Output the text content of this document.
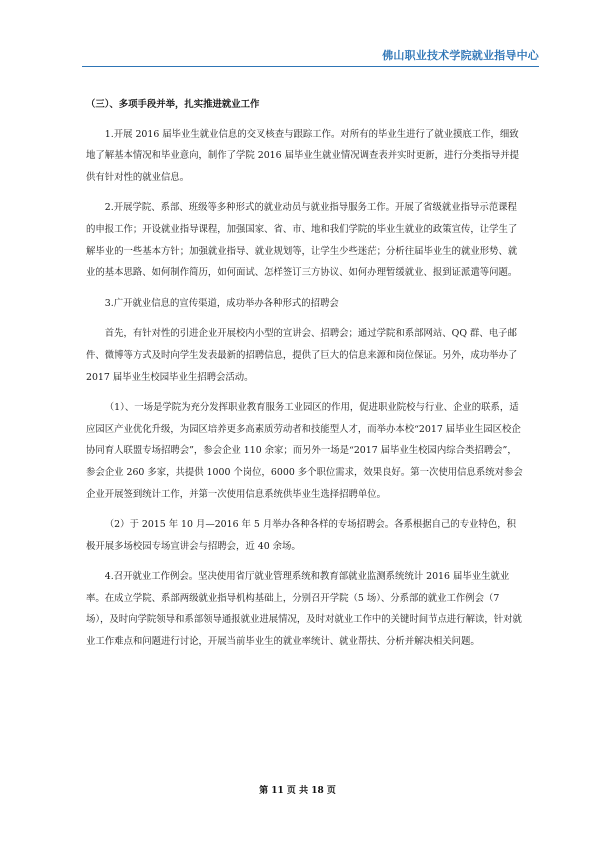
佛山职业技术学院就业指导中心

（三）、多项手段并举，扎实推进就业工作

1.开展 2016 届毕业生就业信息的交叉核查与跟踪工作。对所有的毕业生进行了就业摸底工作，细致地了解基本情况和毕业意向，制作了学院 2016 届毕业生就业情况调查表并实时更新，进行分类指导并提供有针对性的就业信息。

2.开展学院、系部、班级等多种形式的就业动员与就业指导服务工作。开展了省级就业指导示范课程的申报工作；开设就业指导课程，加强国家、省、市、地和我们学院的毕业生就业的政策宣传，让学生了解毕业的一些基本方针；加强就业指导、就业规划等，让学生少些迷茫；分析往届毕业生的就业形势、就业的基本思路、如何制作简历，如何面试、怎样签订三方协议、如何办理暂缓就业、报到证派遣等问题。

3.广开就业信息的宣传渠道，成功举办各种形式的招聘会

首先，有针对性的引进企业开展校内小型的宣讲会、招聘会；通过学院和系部网站、QQ 群、电子邮件、微博等方式及时向学生发表最新的招聘信息，提供了巨大的信息来源和岗位保证。另外，成功举办了 2017 届毕业生校园毕业生招聘会活动。

（1）、一场是学院为充分发挥职业教育服务工业园区的作用，促进职业院校与行业、企业的联系，适应园区产业优化升级，为园区培养更多高素质劳动者和技能型人才，而举办本校“2017 届毕业生园区校企协同育人联盟专场招聘会”，参会企业 110 余家；而另外一场是“2017 届毕业生校园内综合类招聘会”，参会企业 260 多家，共提供 1000 个岗位，6000 多个职位需求，效果良好。第一次使用信息系统对参会企业开展签到统计工作，并第一次使用信息系统供毕业生选择招聘单位。

（2）于 2015 年 10 月—2016 年 5 月举办各种各样的专场招聘会。各系根据自己的专业特色，积极开展多场校园专场宣讲会与招聘会，近 40 余场。

4.召开就业工作例会。坚决使用省厅就业管理系统和教育部就业监测系统统计 2016 届毕业生就业率。在成立学院、系部两级就业指导机构基础上，分别召开学院（5 场）、分系部的就业工作例会（7 场），及时向学院领导和系部领导通报就业进展情况，及时对就业工作中的关键时间节点进行解读，针对就业工作难点和问题进行讨论，开展当前毕业生的就业率统计、就业帮扶、分析并解决相关问题。

第 11 页 共 18 页
